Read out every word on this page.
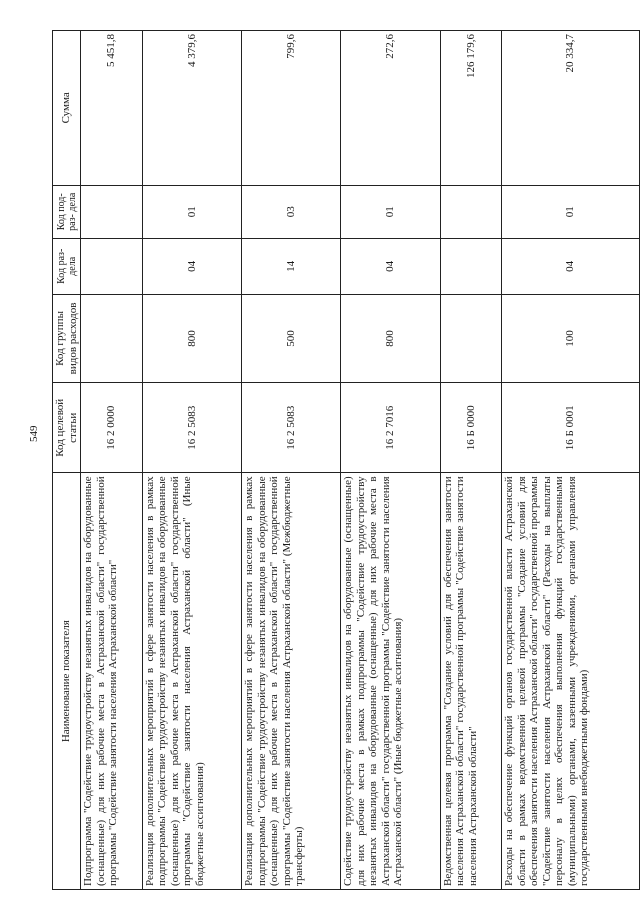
549
Наименование показателя	Код целевой статьи	Код группы видов расходов	Код раз- дела	Код под- раз- дела	Сумма
Подпрограмма "Содействие трудоустройству незанятых инвалидов на оборудованные (оснащенные) для них рабочие места в Астраханской области" государственной программы "Содействие занятости населения Астраханской области"	16 2 0000				5 451,8
Реализация дополнительных мероприятий в сфере занятости населения в рамках подпрограммы "Содействие трудоустройству незанятых инвалидов на оборудованные (оснащенные) для них рабочие места в Астраханской области" государственной программы "Содействие занятости населения Астраханской области" (Иные бюджетные ассигнования)	16 2 5083	800	04	01	4 379,6
Реализация дополнительных мероприятий в сфере занятости населения в рамках подпрограммы "Содействие трудоустройству незанятых инвалидов на оборудованные (оснащенные) для них рабочие места в Астраханской области" государственной программы "Содействие занятости населения Астраханской области" (Межбюджетные трансферты)	16 2 5083	500	14	03	799,6
Содействие трудоустройству незанятых инвалидов на оборудованные (оснащенные) для них рабочие места в рамках подпрограммы "Содействие трудоустройству незанятых инвалидов на оборудованные (оснащенные) для них рабочие места в Астраханской области" государственной программы "Содействие занятости населения Астраханской области" (Иные бюджетные ассигнования)	16 2 7016	800	04	01	272,6
Ведомственная целевая программа "Создание условий для обеспечения занятости населения Астраханской области" государственной программы "Содействие занятости населения Астраханской области"	16 Б 0000				126 179,6
Расходы на обеспечение функций органов государственной власти Астраханской области в рамках ведомственной целевой программы "Создание условий для обеспечения занятости населения Астраханской области" государственной программы "Содействие занятости населения Астраханской области" (Расходы на выплаты персоналу в целях обеспечения выполнения функций государственными (муниципальными) органами, казенными учреждениями, органами управления государственными внебюджетными фондами)	16 Б 0001	100	04	01	20 334,7
